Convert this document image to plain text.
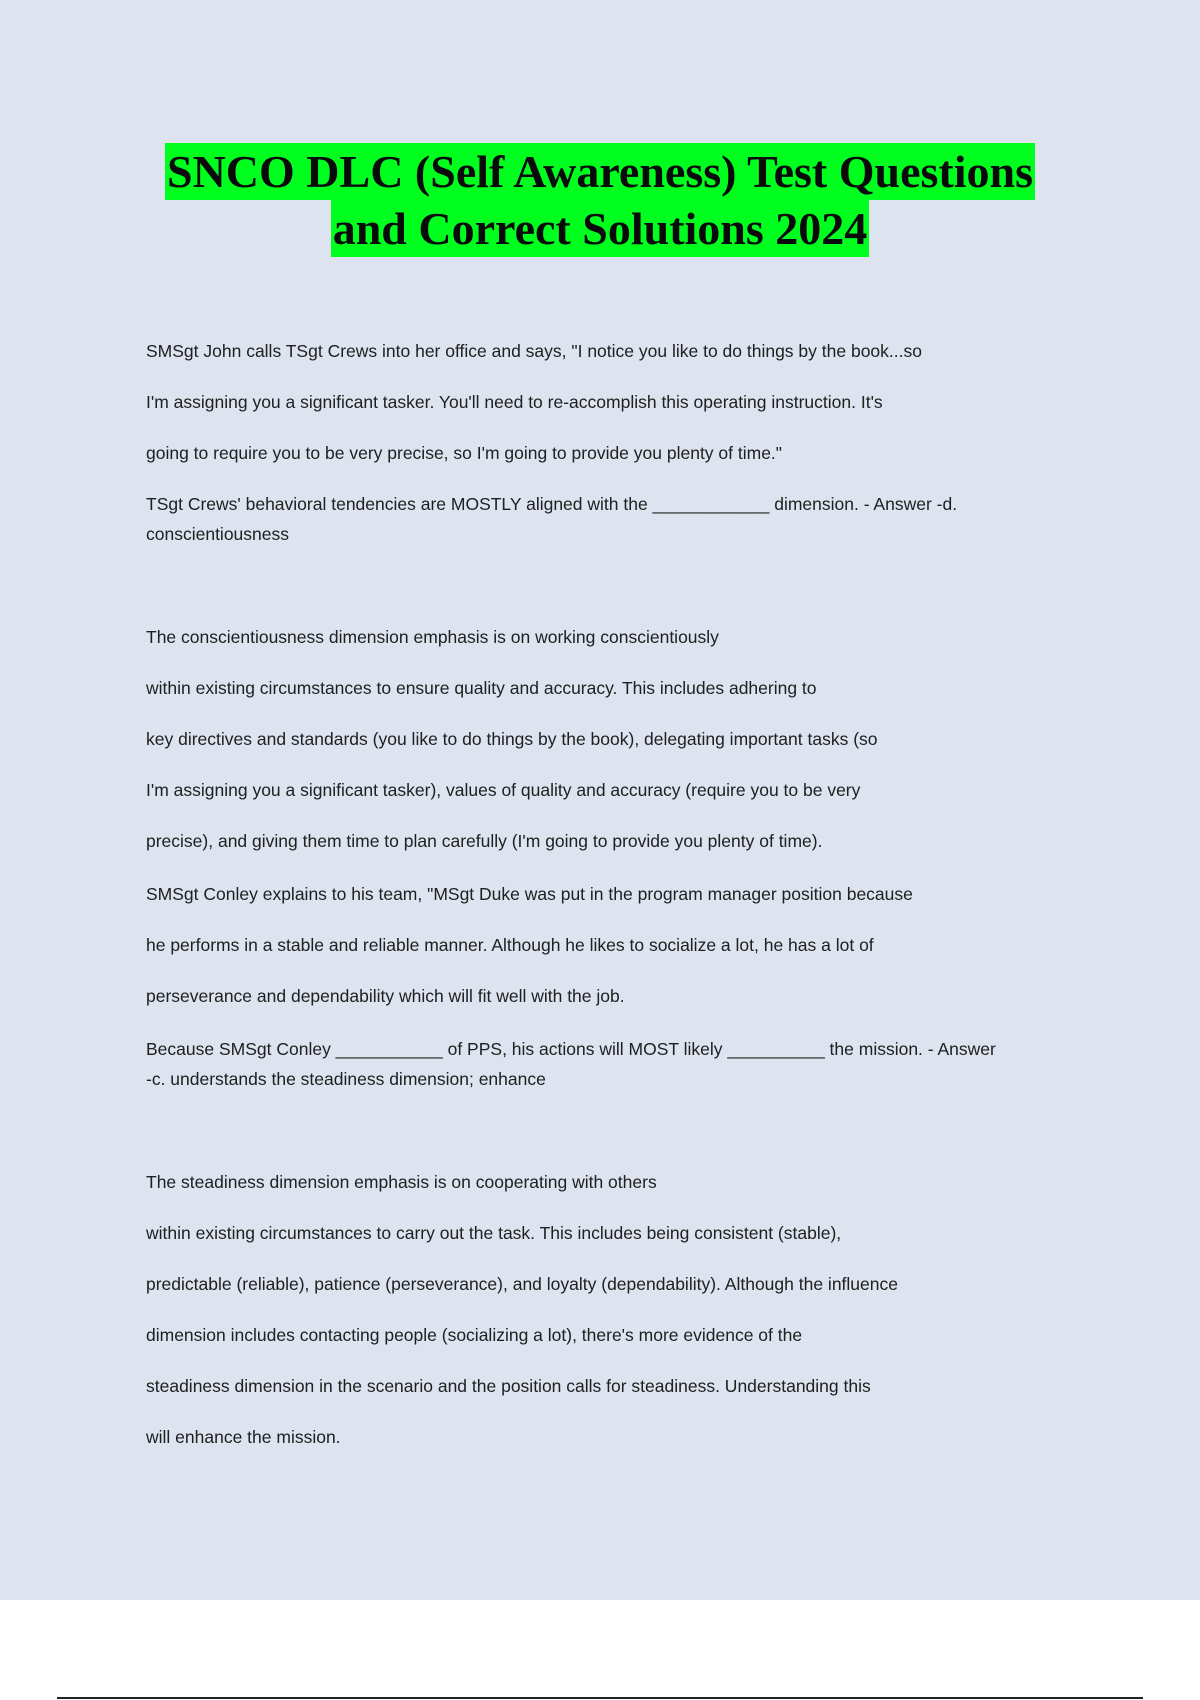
SNCO DLC (Self Awareness) Test Questions
and Correct Solutions 2024
SMSgt John calls TSgt Crews into her office and says, "I notice you like to do things by the book...so
I'm assigning you a significant tasker. You'll need to re-accomplish this operating instruction. It's
going to require you to be very precise, so I'm going to provide you plenty of time."
TSgt Crews' behavioral tendencies are MOSTLY aligned with the ____________ dimension. - Answer -d.
conscientiousness
The conscientiousness dimension emphasis is on working conscientiously
within existing circumstances to ensure quality and accuracy. This includes adhering to
key directives and standards (you like to do things by the book), delegating important tasks (so
I'm assigning you a significant tasker), values of quality and accuracy (require you to be very
precise), and giving them time to plan carefully (I'm going to provide you plenty of time).
SMSgt Conley explains to his team, "MSgt Duke was put in the program manager position because
he performs in a stable and reliable manner. Although he likes to socialize a lot, he has a lot of
perseverance and dependability which will fit well with the job.
Because SMSgt Conley ___________ of PPS, his actions will MOST likely __________ the mission. - Answer
-c. understands the steadiness dimension; enhance
The steadiness dimension emphasis is on cooperating with others
within existing circumstances to carry out the task. This includes being consistent (stable),
predictable (reliable), patience (perseverance), and loyalty (dependability). Although the influence
dimension includes contacting people (socializing a lot), there's more evidence of the
steadiness dimension in the scenario and the position calls for steadiness. Understanding this
will enhance the mission.
